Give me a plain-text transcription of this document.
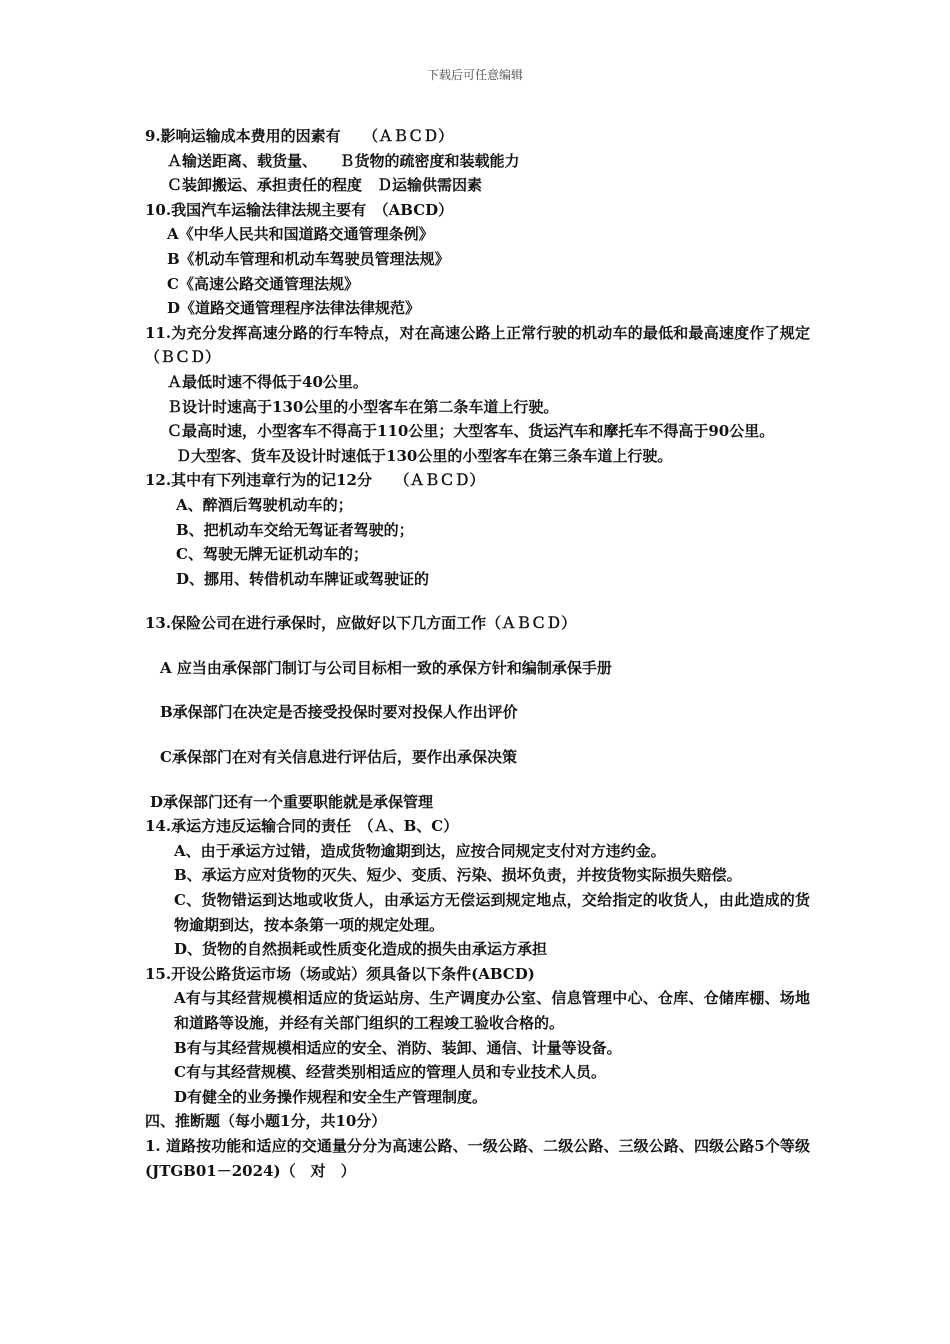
下载后可任意编辑

9.影响运输成本费用的因素有　　（ＡＢＣＤ）

Ａ输送距离、载货量、　　Ｂ货物的疏密度和装载能力

Ｃ装卸搬运、承担责任的程度　Ｄ运输供需因素

10.我国汽车运输法律法规主要有　（ABCD）

A《中华人民共和国道路交通管理条例》

B《机动车管理和机动车驾驶员管理法规》

C《高速公路交通管理法规》

D《道路交通管理程序法律法律规范》

11.为充分发挥高速分路的行车特点，对在高速公路上正常行驶的机动车的最低和最高速度作了规定（ＢＣＤ）

Ａ最低时速不得低于40公里。

Ｂ设计时速高于130公里的小型客车在第二条车道上行驶。

Ｃ最高时速，小型客车不得高于110公里；大型客车、货运汽车和摩托车不得高于90公里。

Ｄ大型客、货车及设计时速低于130公里的小型客车在第三条车道上行驶。

12.其中有下列违章行为的记12分　　（ＡＢＣＤ）

A、醉酒后驾驶机动车的；

B、把机动车交给无驾证者驾驶的；

C、驾驶无牌无证机动车的；

D、挪用、转借机动车牌证或驾驶证的

13.保险公司在进行承保时，应做好以下几方面工作（ＡＢＣＤ）

A 应当由承保部门制订与公司目标相一致的承保方针和编制承保手册

B承保部门在决定是否接受投保时要对投保人作出评价

C承保部门在对有关信息进行评估后，要作出承保决策

D承保部门还有一个重要职能就是承保管理

14.承运方违反运输合同的责任　（Ａ、B、C）

A、由于承运方过错，造成货物逾期到达，应按合同规定支付对方违约金。

B、承运方应对货物的灭失、短少、变质、污染、损坏负责，并按货物实际损失赔偿。

C、货物错运到达地或收货人，由承运方无偿运到规定地点，交给指定的收货人，由此造成的货物逾期到达，按本条第一项的规定处理。

D、货物的自然损耗或性质变化造成的损失由承运方承担

15.开设公路货运市场（场或站）须具备以下条件(ABCD)

A有与其经营规模相适应的货运站房、生产调度办公室、信息管理中心、仓库、仓储库棚、场地和道路等设施，并经有关部门组织的工程竣工验收合格的。

B有与其经营规模相适应的安全、消防、装卸、通信、计量等设备。

C有与其经营规模、经营类别相适应的管理人员和专业技术人员。

D有健全的业务操作规程和安全生产管理制度。

四、推断题（每小题1分，共10分）

1. 道路按功能和适应的交通量分分为高速公路、一级公路、二级公路、三级公路、四级公路5个等级(JTGB01－2024)（　对　）
